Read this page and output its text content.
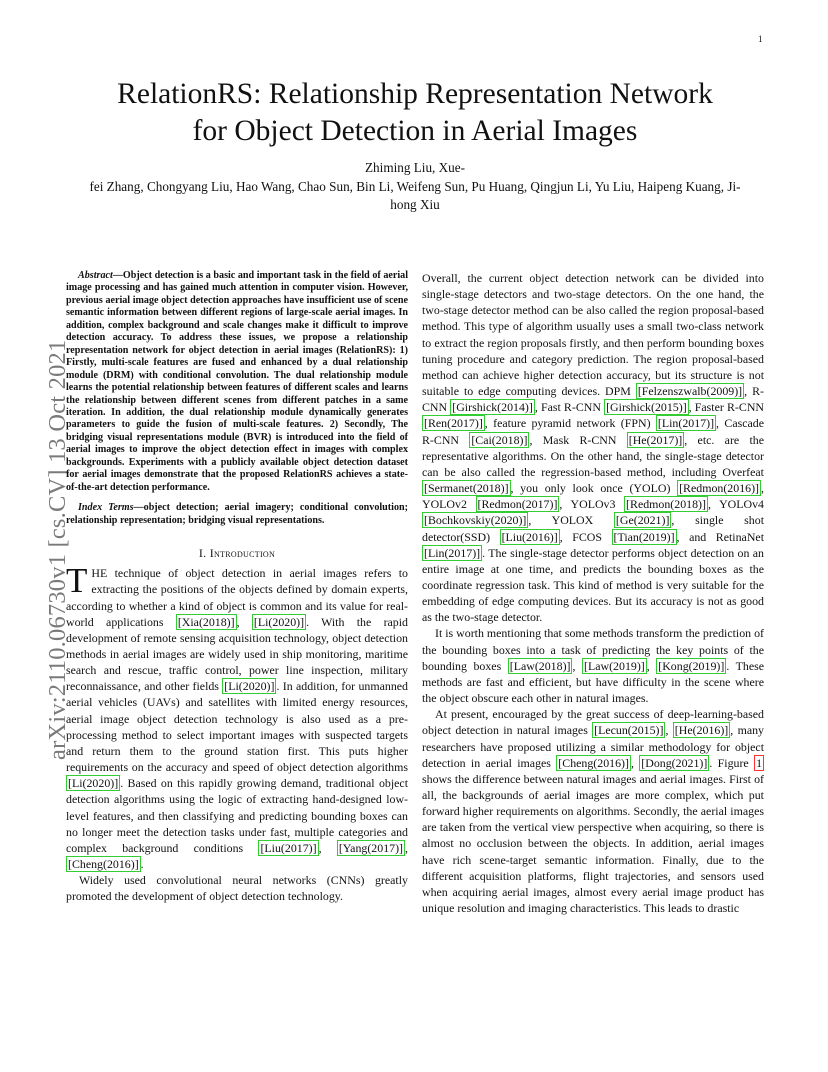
1
arXiv:2110.06730v1 [cs.CV] 13 Oct 2021
RelationRS: Relationship Representation Network
for Object Detection in Aerial Images
Zhiming Liu, Xue-
fei Zhang, Chongyang Liu, Hao Wang, Chao Sun, Bin Li, Weifeng Sun, Pu Huang, Qingjun Li, Yu Liu, Haipeng Kuang, Ji-
hong Xiu

Abstract—Object detection is a basic and important task in the field of aerial image processing and has gained much attention in computer vision. However, previous aerial image object detection approaches have insufficient use of scene semantic information between different regions of large-scale aerial images. In addition, complex background and scale changes make it difficult to improve detection accuracy. To address these issues, we propose a relationship representation network for object detection in aerial images (RelationRS): 1) Firstly, multi-scale features are fused and enhanced by a dual relationship module (DRM) with conditional convolution. The dual relationship module learns the potential relationship between features of different scales and learns the relationship between different scenes from different patches in a same iteration. In addition, the dual relationship module dynamically generates parameters to guide the fusion of multi-scale features. 2) Secondly, The bridging visual representations module (BVR) is introduced into the field of aerial images to improve the object detection effect in images with complex backgrounds. Experiments with a publicly available object detection dataset for aerial images demonstrate that the proposed RelationRS achieves a state-of-the-art detection performance.

Index Terms—object detection; aerial imagery; conditional convolution; relationship representation; bridging visual representations.

I. Introduction

THE technique of object detection in aerial images refers to extracting the positions of the objects defined by domain experts, according to whether a kind of object is common and its value for real-world applications [Xia(2018)] , [Li(2020)] . With the rapid development of remote sensing acquisition technology, object detection methods in aerial images are widely used in ship monitoring, maritime search and rescue, traffic control, power line inspection, military reconnaissance, and other fields [Li(2020)] . In addition, for unmanned aerial vehicles (UAVs) and satellites with limited energy resources, aerial image object detection technology is also used as a pre-processing method to select important images with suspected targets and return them to the ground station first. This puts higher requirements on the accuracy and speed of object detection algorithms [Li(2020)] . Based on this rapidly growing demand, traditional object detection algorithms using the logic of extracting hand-designed low-level features, and then classifying and predicting bounding boxes can no longer meet the detection tasks under fast, multiple categories and complex background conditions [Liu(2017)] , [Yang(2017)] , [Cheng(2016)] .

Widely used convolutional neural networks (CNNs) greatly promoted the development of object detection technology.

Overall, the current object detection network can be divided into single-stage detectors and two-stage detectors. On the one hand, the two-stage detector method can be also called the region proposal-based method. This type of algorithm usually uses a small two-class network to extract the region proposals firstly, and then perform bounding boxes tuning procedure and category prediction. The region proposal-based method can achieve higher detection accuracy, but its structure is not suitable to edge computing devices. DPM [Felzenszwalb(2009)] , R-CNN [Girshick(2014)] , Fast R-CNN [Girshick(2015)] , Faster R-CNN [Ren(2017)] , feature pyramid network (FPN) [Lin(2017)] , Cascade R-CNN [Cai(2018)] , Mask R-CNN [He(2017)] , etc. are the representative algorithms. On the other hand, the single-stage detector can be also called the regression-based method, including Overfeat [Sermanet(2018)] , you only look once (YOLO) [Redmon(2016)] , YOLOv2 [Redmon(2017)] , YOLOv3 [Redmon(2018)] , YOLOv4 [Bochkovskiy(2020)] , YOLOX [Ge(2021)] , single shot detector(SSD) [Liu(2016)] , FCOS [Tian(2019)] , and RetinaNet [Lin(2017)] . The single-stage detector performs object detection on an entire image at one time, and predicts the bounding boxes as the coordinate regression task. This kind of method is very suitable for the embedding of edge computing devices. But its accuracy is not as good as the two-stage detector.

It is worth mentioning that some methods transform the prediction of the bounding boxes into a task of predicting the key points of the bounding boxes [Law(2018)] , [Law(2019)] , [Kong(2019)] . These methods are fast and efficient, but have difficulty in the scene where the object obscure each other in natural images.

At present, encouraged by the great success of deep-learning-based object detection in natural images [Lecun(2015)] , [He(2016)] , many researchers have proposed utilizing a similar methodology for object detection in aerial images [Cheng(2016)] , [Dong(2021)] . Figure 1 shows the difference between natural images and aerial images. First of all, the backgrounds of aerial images are more complex, which put forward higher requirements on algorithms. Secondly, the aerial images are taken from the vertical view perspective when acquiring, so there is almost no occlusion between the objects. In addition, aerial images have rich scene-target semantic information. Finally, due to the different acquisition platforms, flight trajectories, and sensors used when acquiring aerial images, almost every aerial image product has unique resolution and imaging characteristics. This leads to drastic
